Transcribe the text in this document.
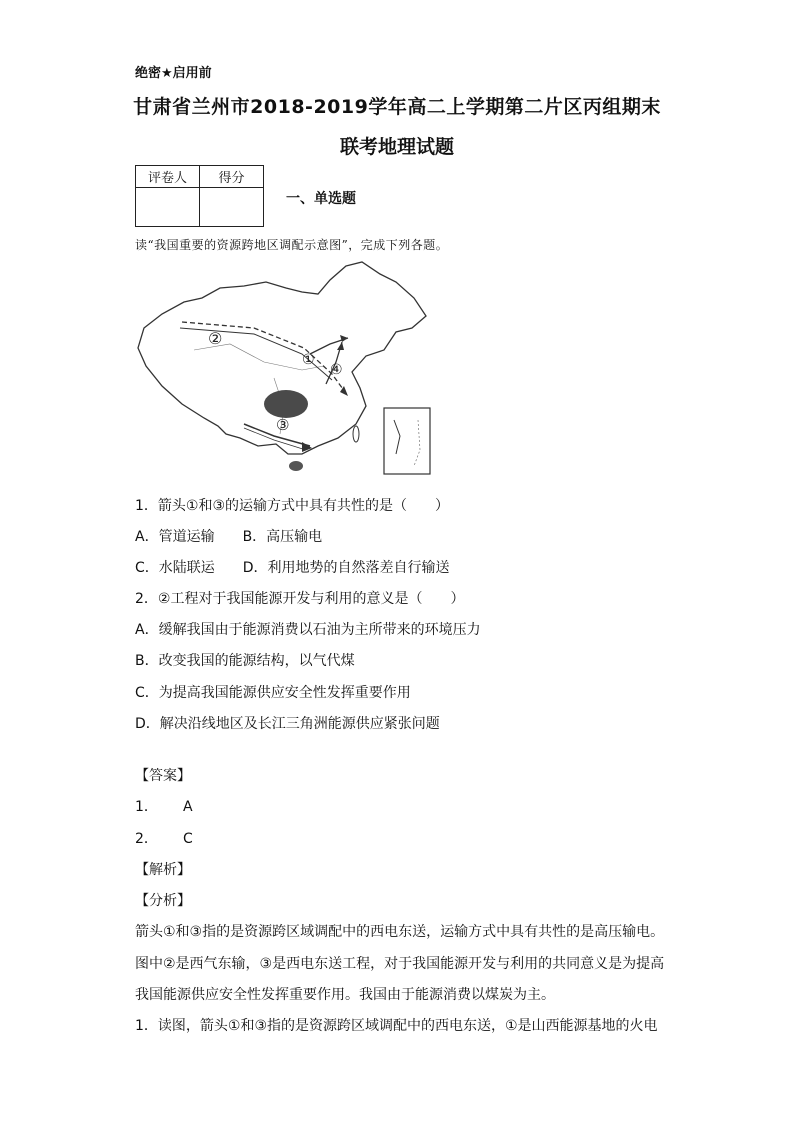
绝密★启用前
甘肃省兰州市2018-2019学年高二上学期第二片区丙组期末
联考地理试题
评卷人	得分

一、单选题
读“我国重要的资源跨地区调配示意图”，完成下列各题。
②
①
④
③
1．箭头①和③的运输方式中具有共性的是（　　）
A．管道运输 B．高压输电
C．水陆联运 D．利用地势的自然落差自行输送
2．②工程对于我国能源开发与利用的意义是（　　）
A．缓解我国由于能源消费以石油为主所带来的环境压力
B．改变我国的能源结构，以气代煤
C．为提高我国能源供应安全性发挥重要作用
D．解决沿线地区及长江三角洲能源供应紧张问题
【答案】
1． A
2． C
【解析】
【分析】
箭头①和③指的是资源跨区域调配中的西电东送，运输方式中具有共性的是高压输电。
图中②是西气东输，③是西电东送工程，对于我国能源开发与利用的共同意义是为提高
我国能源供应安全性发挥重要作用。我国由于能源消费以煤炭为主。
1．读图，箭头①和③指的是资源跨区域调配中的西电东送，①是山西能源基地的火电
